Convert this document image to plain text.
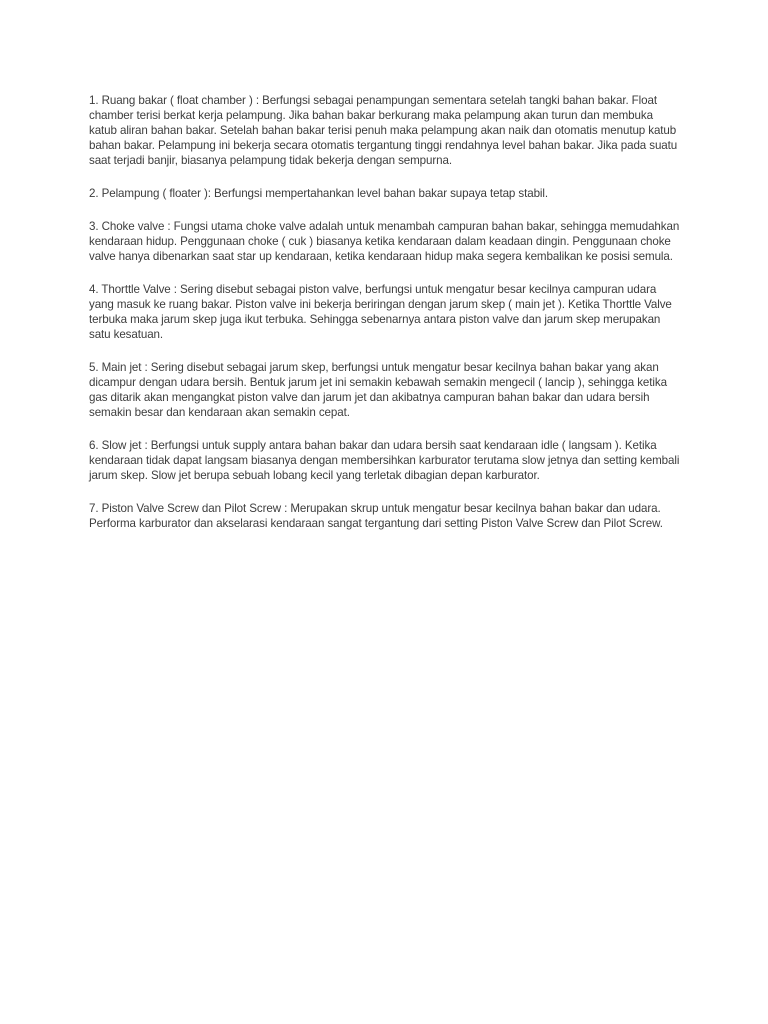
1. Ruang bakar ( float chamber ) : Berfungsi sebagai penampungan sementara setelah tangki bahan bakar. Float chamber terisi berkat kerja pelampung. Jika bahan bakar berkurang maka pelampung akan turun dan membuka katub aliran bahan bakar. Setelah bahan bakar terisi penuh maka pelampung akan naik dan otomatis menutup katub bahan bakar. Pelampung ini bekerja secara otomatis tergantung tinggi rendahnya level bahan bakar. Jika pada suatu saat terjadi banjir, biasanya pelampung tidak bekerja dengan sempurna.

2. Pelampung ( floater ): Berfungsi mempertahankan level bahan bakar supaya tetap stabil.

3. Choke valve : Fungsi utama choke valve adalah untuk menambah campuran bahan bakar, sehingga memudahkan kendaraan hidup. Penggunaan choke ( cuk ) biasanya ketika kendaraan dalam keadaan dingin. Penggunaan choke valve hanya dibenarkan saat star up kendaraan, ketika kendaraan hidup maka segera kembalikan ke posisi semula.

4. Thorttle Valve : Sering disebut sebagai piston valve, berfungsi untuk mengatur besar kecilnya campuran udara yang masuk ke ruang bakar. Piston valve ini bekerja beriringan dengan jarum skep ( main jet ). Ketika Thorttle Valve terbuka maka jarum skep juga ikut terbuka. Sehingga sebenarnya antara piston valve dan jarum skep merupakan satu kesatuan.

5. Main jet : Sering disebut sebagai jarum skep, berfungsi untuk mengatur besar kecilnya bahan bakar yang akan dicampur dengan udara bersih. Bentuk jarum jet ini semakin kebawah semakin mengecil ( lancip ), sehingga ketika gas ditarik akan mengangkat piston valve dan jarum jet dan akibatnya campuran bahan bakar dan udara bersih semakin besar dan kendaraan akan semakin cepat.

6. Slow jet : Berfungsi untuk supply antara bahan bakar dan udara bersih saat kendaraan idle ( langsam ). Ketika kendaraan tidak dapat langsam biasanya dengan membersihkan karburator terutama slow jetnya dan setting kembali jarum skep. Slow jet berupa sebuah lobang kecil yang terletak dibagian depan karburator.

7. Piston Valve Screw dan Pilot Screw : Merupakan skrup untuk mengatur besar kecilnya bahan bakar dan udara. Performa karburator dan akselarasi kendaraan sangat tergantung dari setting Piston Valve Screw dan Pilot Screw.
